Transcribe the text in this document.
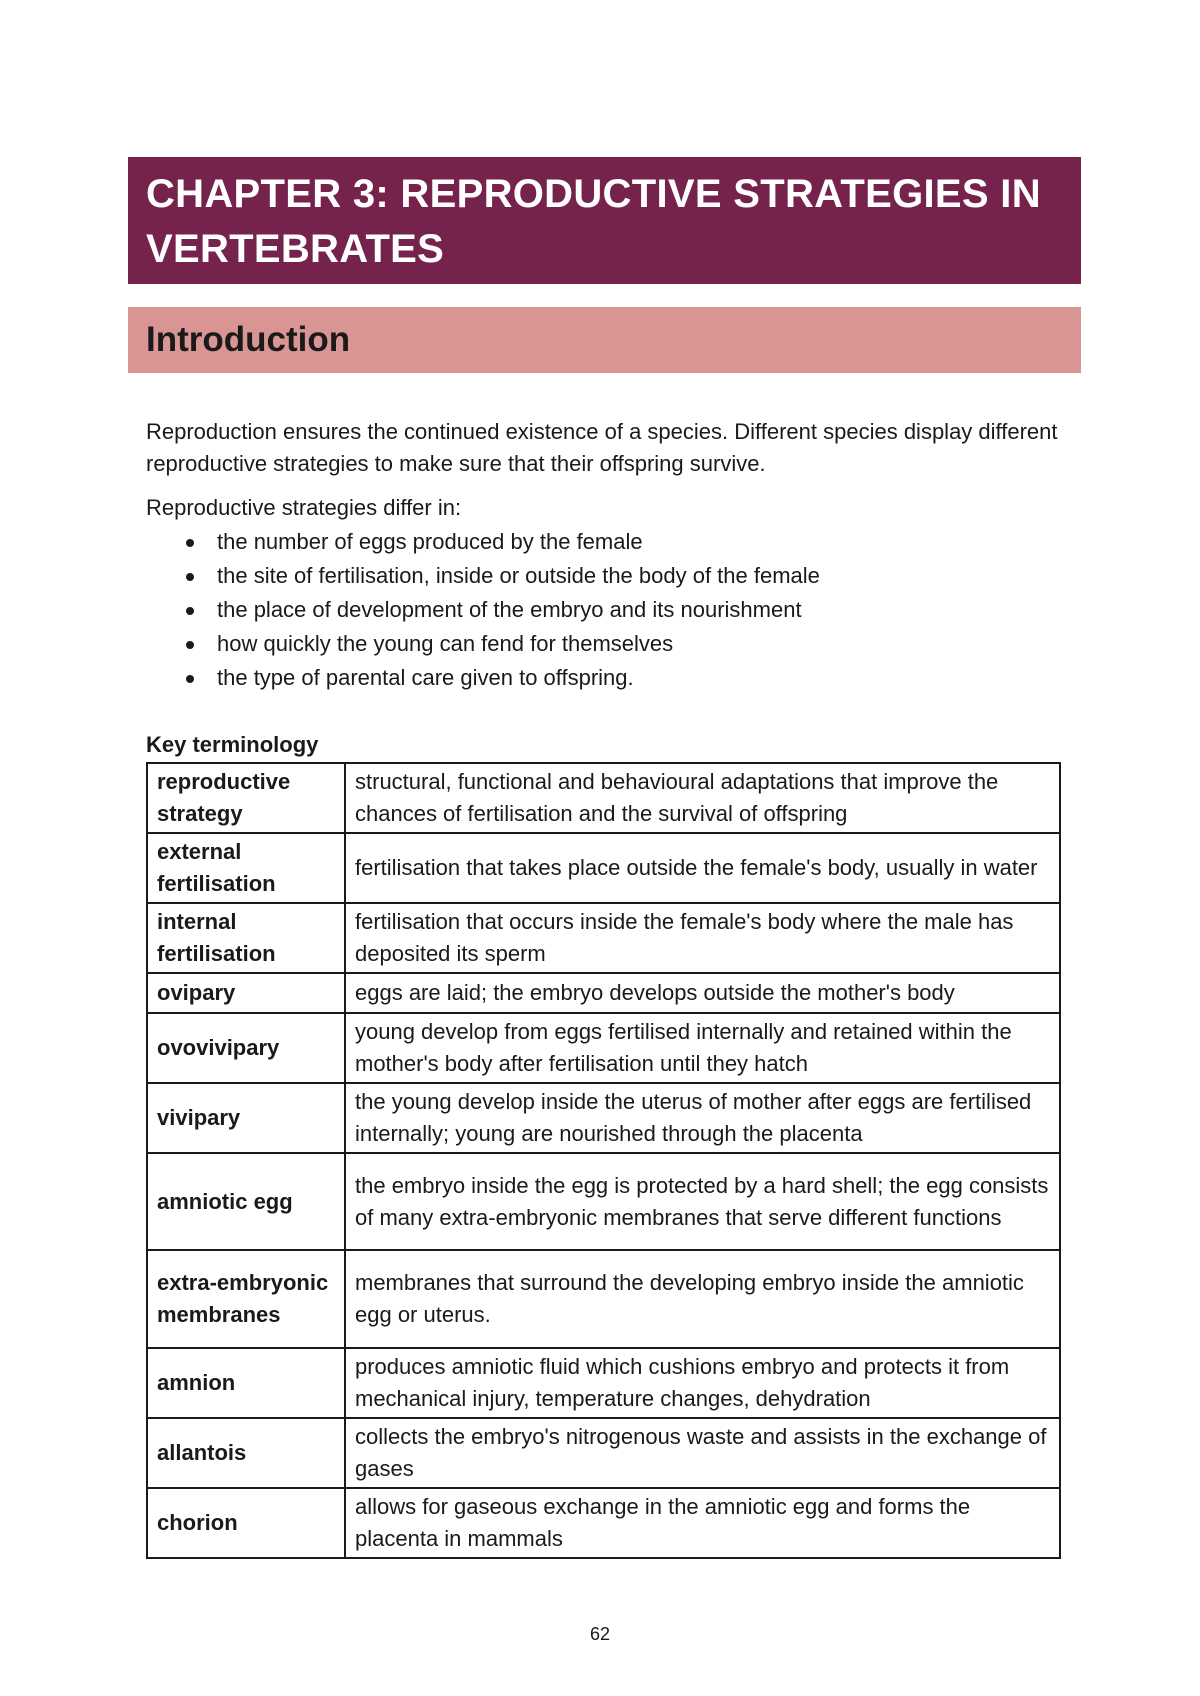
CHAPTER 3: REPRODUCTIVE STRATEGIES IN VERTEBRATES
Introduction

Reproduction ensures the continued existence of a species. Different species display different reproductive strategies to make sure that their offspring survive.

Reproductive strategies differ in:

the number of eggs produced by the female
the site of fertilisation, inside or outside the body of the female
the place of development of the embryo and its nourishment
how quickly the young can fend for themselves
the type of parental care given to offspring.
Key terminology
reproductive strategy	structural, functional and behavioural adaptations that improve the chances of fertilisation and the survival of offspring
external fertilisation	fertilisation that takes place outside the female's body, usually in water
internal fertilisation	fertilisation that occurs inside the female's body where the male has deposited its sperm
ovipary	eggs are laid; the embryo develops outside the mother's body
ovovivipary	young develop from eggs fertilised internally and retained within the mother's body after fertilisation until they hatch
vivipary	the young develop inside the uterus of mother after eggs are fertilised internally; young are nourished through the placenta
amniotic egg	the embryo inside the egg is protected by a hard shell; the egg consists of many extra-embryonic membranes that serve different functions
extra-embryonic membranes	membranes that surround the developing embryo inside the amniotic egg or uterus.
amnion	produces amniotic fluid which cushions embryo and protects it from mechanical injury, temperature changes, dehydration
allantois	collects the embryo's nitrogenous waste and assists in the exchange of gases
chorion	allows for gaseous exchange in the amniotic egg and forms the placenta in mammals
62
